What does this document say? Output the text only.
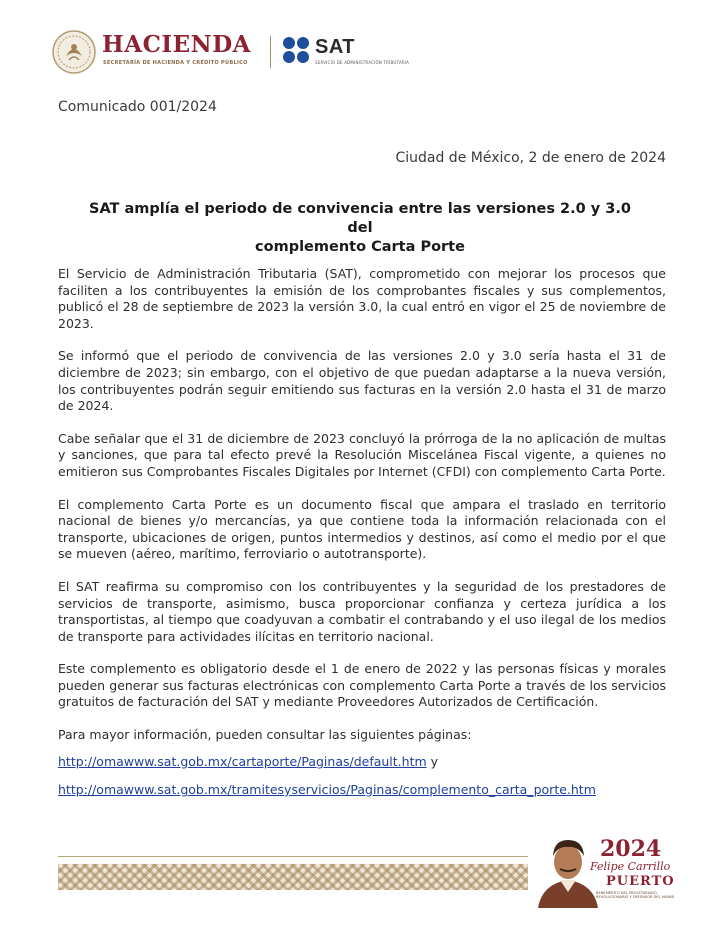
HACIENDA
SECRETARÍA DE HACIENDA Y CRÉDITO PÚBLICO
SAT
SERVICIO DE ADMINISTRACIÓN TRIBUTARIA
Comunicado 001/2024
Ciudad de México, 2 de enero de 2024
SAT amplía el periodo de convivencia entre las versiones 2.0 y 3.0 del
complemento Carta Porte

El Servicio de Administración Tributaria (SAT), comprometido con mejorar los procesos que faciliten a los contribuyentes la emisión de los comprobantes fiscales y sus complementos, publicó el 28 de septiembre de 2023 la versión 3.0, la cual entró en vigor el 25 de noviembre de 2023.

Se informó que el periodo de convivencia de las versiones 2.0 y 3.0 sería hasta el 31 de diciembre de 2023; sin embargo, con el objetivo de que puedan adaptarse a la nueva versión, los contribuyentes podrán seguir emitiendo sus facturas en la versión 2.0 hasta el 31 de marzo de 2024.

Cabe señalar que el 31 de diciembre de 2023 concluyó la prórroga de la no aplicación de multas y sanciones, que para tal efecto prevé la Resolución Miscelánea Fiscal vigente, a quienes no emitieron sus Comprobantes Fiscales Digitales por Internet (CFDI) con complemento Carta Porte.

El complemento Carta Porte es un documento fiscal que ampara el traslado en territorio nacional de bienes y/o mercancías, ya que contiene toda la información relacionada con el transporte, ubicaciones de origen, puntos intermedios y destinos, así como el medio por el que se mueven (aéreo, marítimo, ferroviario o autotransporte).

El SAT reafirma su compromiso con los contribuyentes y la seguridad de los prestadores de servicios de transporte, asimismo, busca proporcionar confianza y certeza jurídica a los transportistas, al tiempo que coadyuvan a combatir el contrabando y el uso ilegal de los medios de transporte para actividades ilícitas en territorio nacional.

Este complemento es obligatorio desde el 1 de enero de 2022 y las personas físicas y morales pueden generar sus facturas electrónicas con complemento Carta Porte a través de los servicios gratuitos de facturación del SAT y mediante Proveedores Autorizados de Certificación.

Para mayor información, pueden consultar las siguientes páginas:

http://omawww.sat.gob.mx/cartaporte/Paginas/default.htm y

http://omawww.sat.gob.mx/tramitesyservicios/Paginas/complemento_carta_porte.htm

2024
Felipe Carrillo
PUERTO
BENEMÉRITO DEL PROLETARIADO, REVOLUCIONARIO Y DEFENSOR DEL MAYAB
